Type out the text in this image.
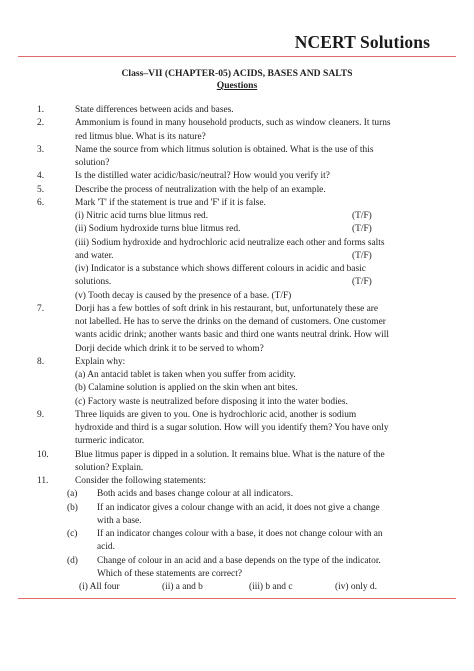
NCERT Solutions
Class–VII (CHAPTER-05) ACIDS, BASES AND SALTS
Questions
1.	State differences between acids and bases.
2.	Ammonium is found in many household products, such as window cleaners. It turns
red litmus blue. What is its nature?
3.	Name the source from which litmus solution is obtained. What is the use of this
solution?
4.	Is the distilled water acidic/basic/neutral? How would you verify it?
5.	Describe the process of neutralization with the help of an example.
6.	Mark 'T' if the statement is true and 'F' if it is false.
(i) Nitric acid turns blue litmus red.	(T/F)
(ii) Sodium hydroxide turns blue litmus red.	(T/F)
(iii) Sodium hydroxide and hydrochloric acid neutralize each other and forms salts
and water.	(T/F)
(iv) Indicator is a substance which shows different colours in acidic and basic
solutions.	(T/F)
(v) Tooth decay is caused by the presence of a base. (T/F)
7.	Dorji has a few bottles of soft drink in his restaurant, but, unfortunately these are
not labelled. He has to serve the drinks on the demand of customers. One customer
wants acidic drink; another wants basic and third one wants neutral drink. How will
Dorji decide which drink it to be served to whom?
8.	Explain why:
(a) An antacid tablet is taken when you suffer from acidity.
(b) Calamine solution is applied on the skin when ant bites.
(c) Factory waste is neutralized before disposing it into the water bodies.
9.	Three liquids are given to you. One is hydrochloric acid, another is sodium
hydroxide and third is a sugar solution. How will you identify them? You have only
turmeric indicator.
10.	Blue litmus paper is dipped in a solution. It remains blue. What is the nature of the
solution? Explain.
11.	Consider the following statements:
(a) Both acids and bases change colour at all indicators.
(b) If an indicator gives a colour change with an acid, it does not give a change
with a base.
(c) If an indicator changes colour with a base, it does not change colour with an
acid.
(d) Change of colour in an acid and a base depends on the type of the indicator.
Which of these statements are correct?
(i) All four	(ii) a and b	(iii) b and c	(iv) only d.
